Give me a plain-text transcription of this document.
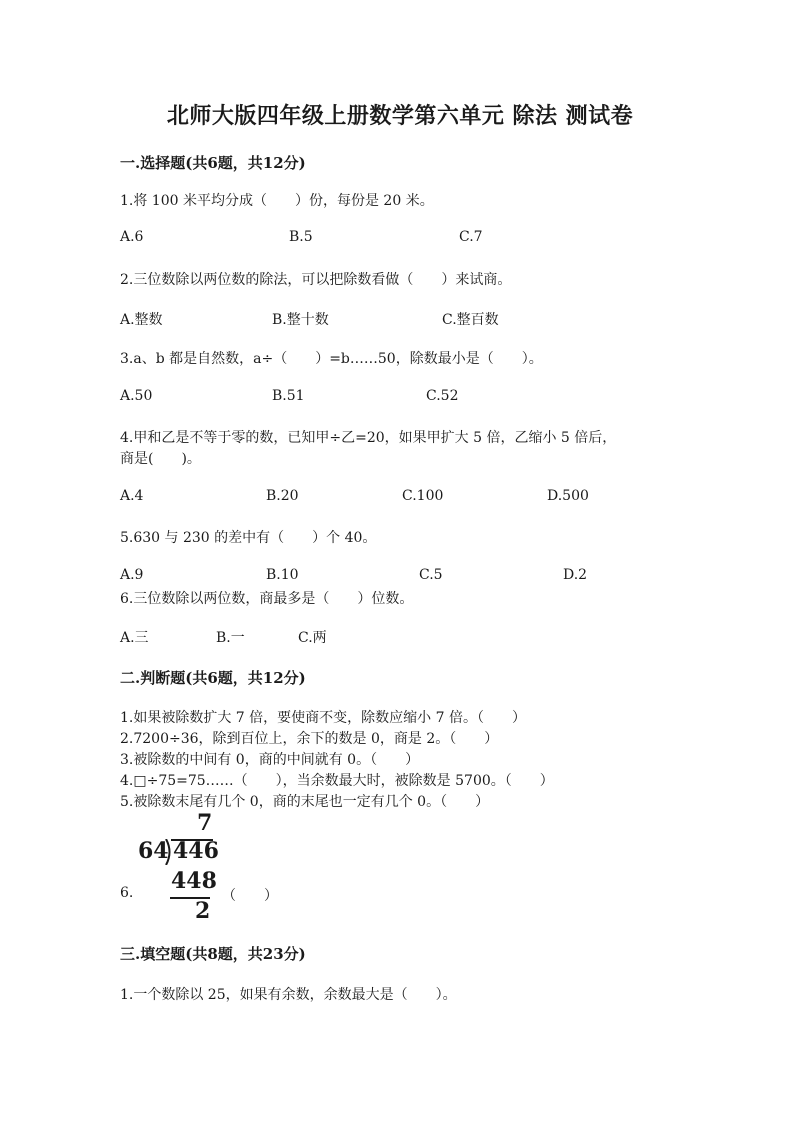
北师大版四年级上册数学第六单元 除法 测试卷
一.选择题(共6题，共12分)
1.将 100 米平均分成（　　）份，每份是 20 米。
A.6	B.5	C.7
2.三位数除以两位数的除法，可以把除数看做（　　）来试商。
A.整数	B.整十数	C.整百数
3.a、b 都是自然数，a÷（　　）=b……50，除数最小是（　　）。
A.50	B.51	C.52
4.甲和乙是不等于零的数，已知甲÷乙=20，如果甲扩大 5 倍，乙缩小 5 倍后，
商是(　　)。
A.4	B.20	C.100	D.500
5.630 与 230 的差中有（　　）个 40。
A.9	B.10	C.5	D.2
6.三位数除以两位数，商最多是（　　）位数。
A.三	B.一	C.两
二.判断题(共6题，共12分)
1.如果被除数扩大 7 倍，要使商不变，除数应缩小 7 倍。（　　）
2.7200÷36，除到百位上，余下的数是 0，商是 2。（　　）
3.被除数的中间有 0，商的中间就有 0。（　　）
4.□÷75=75……（　　），当余数最大时，被除数是 5700。（　　）
5.被除数末尾有几个 0，商的末尾也一定有几个 0。（　　）
6.
7
64 446
448
2
（　　）
三.填空题(共8题，共23分)
1.一个数除以 25，如果有余数，余数最大是（　　）。
